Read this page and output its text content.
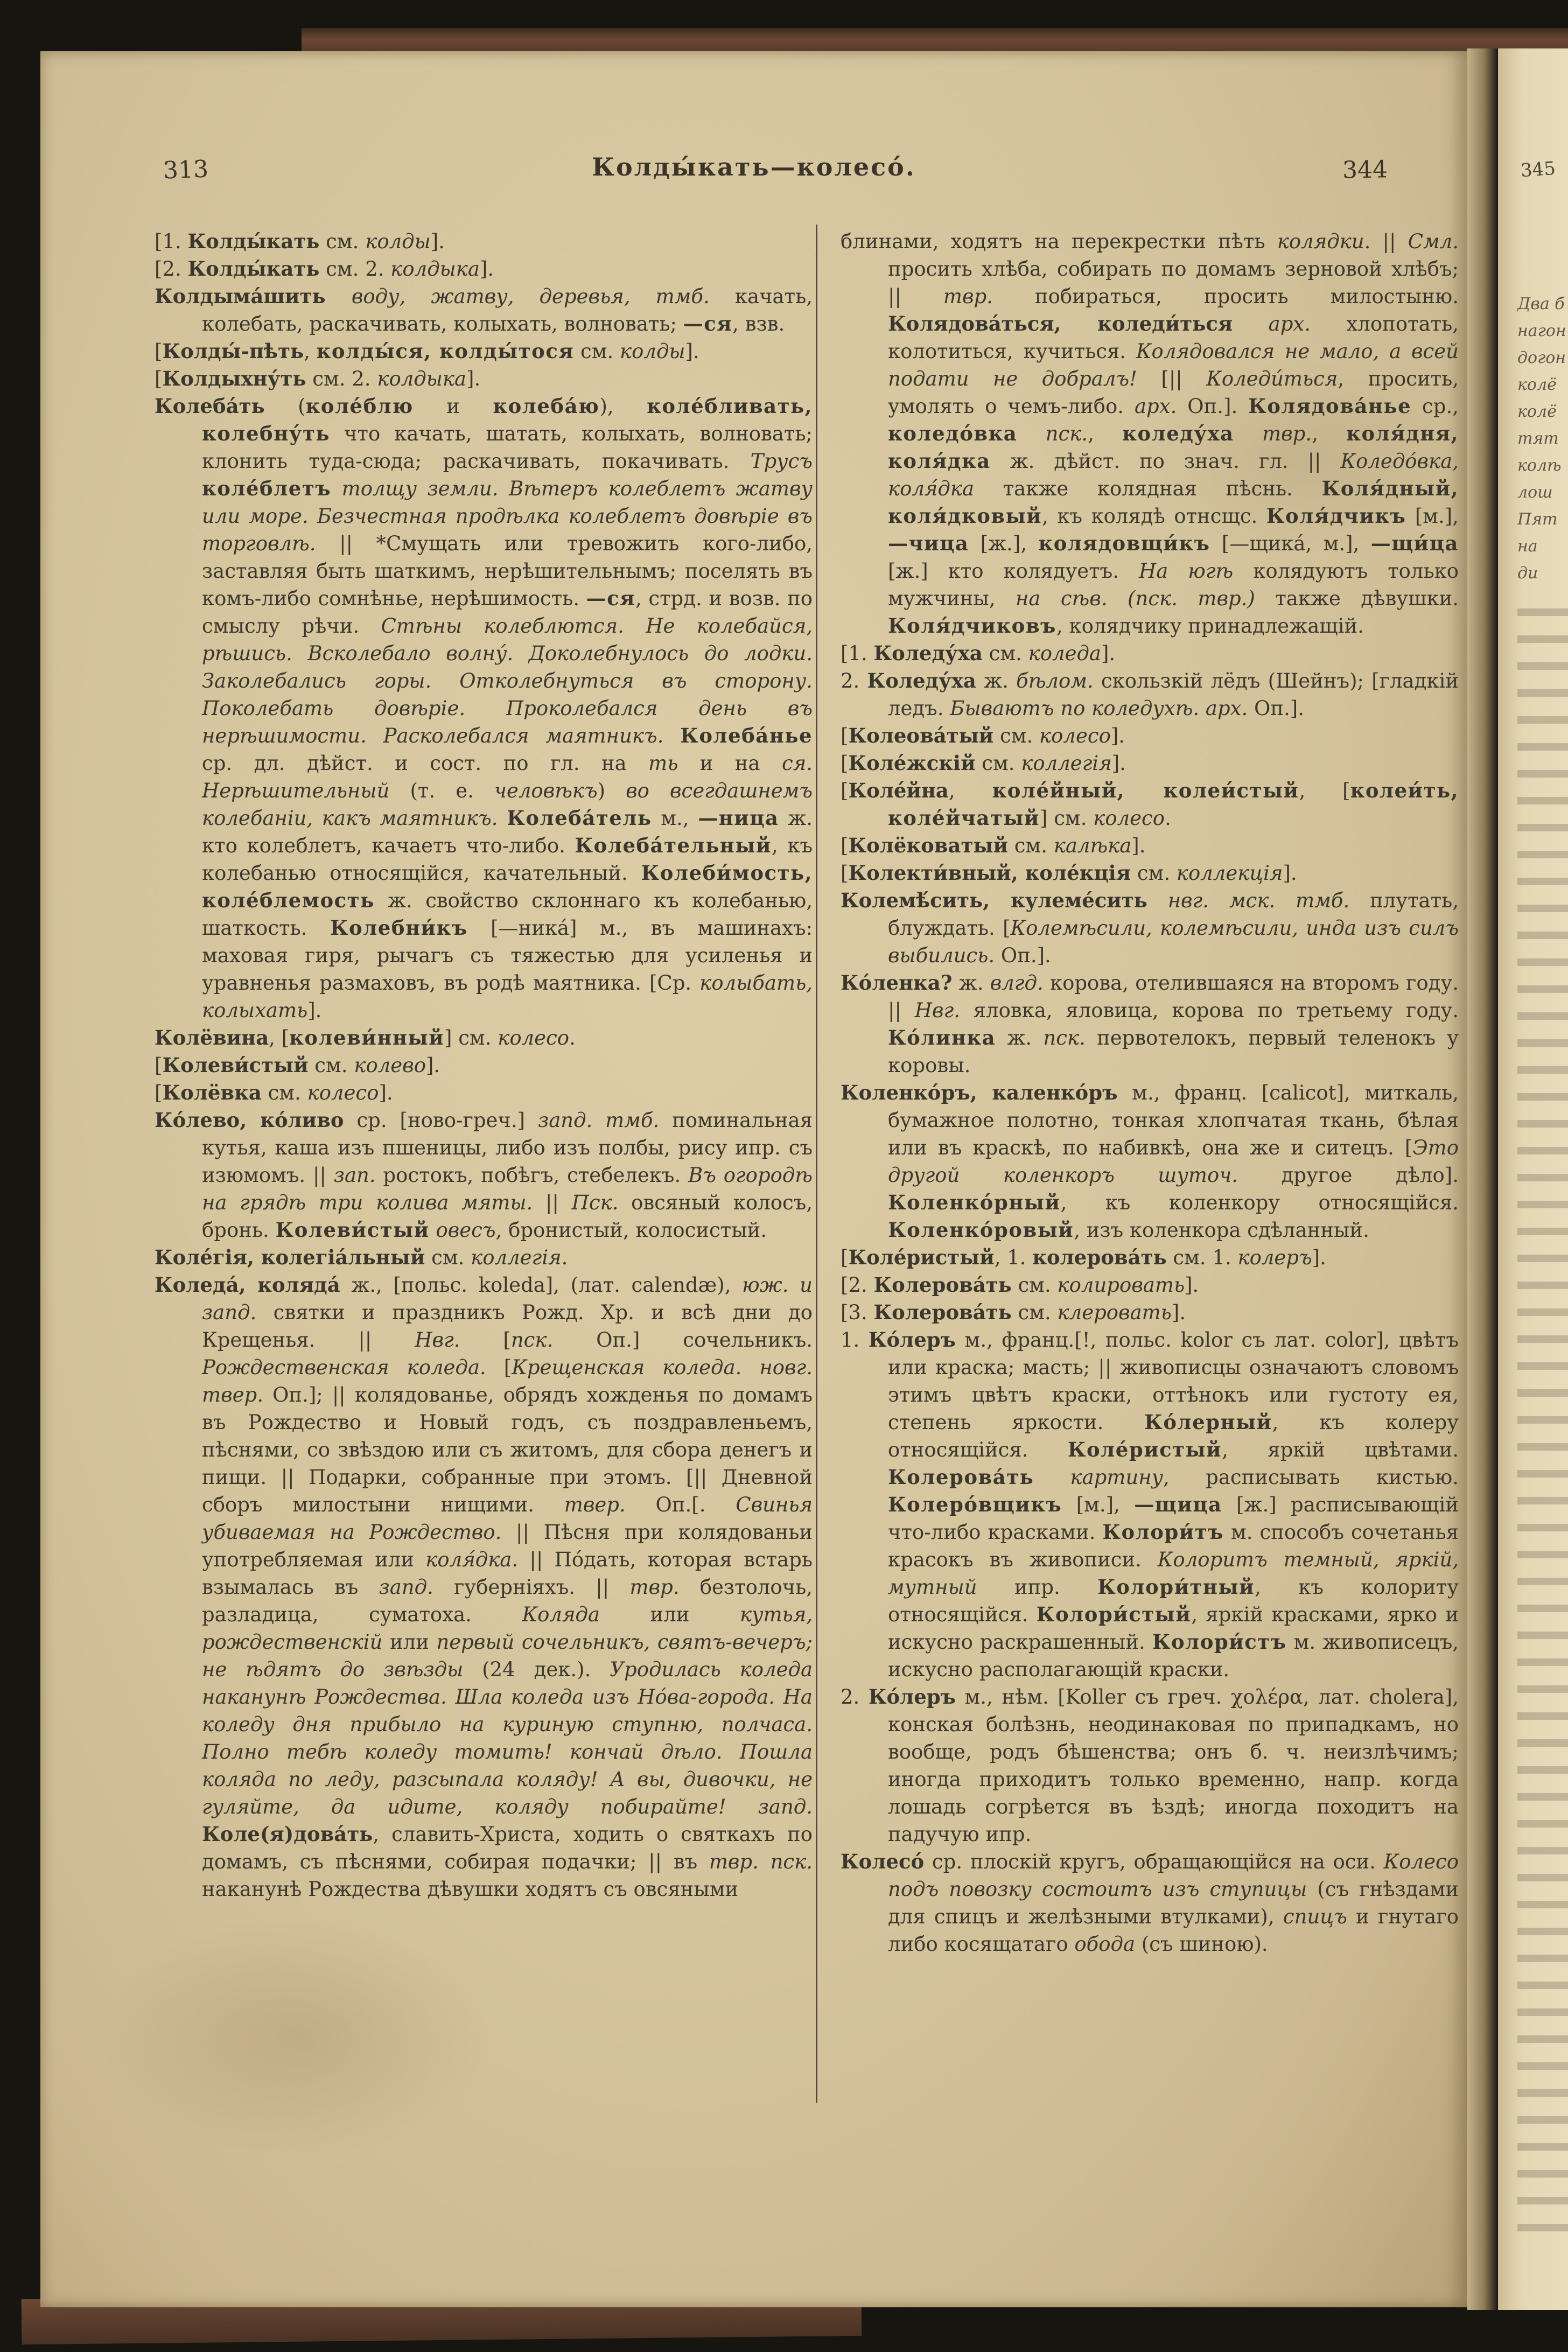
313	Колды́кать—колесо́.	344

[1. Колды́кать см. колды].

[2. Колды́кать см. 2. колдыка].

Колдыма́шить воду, жатву, деревья, тмб. качать, колебать, раскачивать, колыхать, волновать; —ся, взв.

[Колды́-пѣть, колды́ся, колды́тося см. колды].

[Колдыхну́ть см. 2. колдыка].

Колеба́ть (коле́блю и колеба́ю), коле́бливать, колебну́ть что качать, шатать, колыхать, волновать; клонить туда-сюда; раскачивать, покачивать. Трусъ коле́блетъ толщу земли. Вѣтеръ колеблетъ жатву или море. Безчестная продѣлка колеблетъ довѣріе въ торговлѣ. || *Смущать или тревожить кого-либо, заставляя быть шаткимъ, нерѣшительнымъ; поселять въ комъ-либо сомнѣнье, нерѣшимость. —ся, стрд. и возв. по смыслу рѣчи. Стѣны колеблются. Не колебайся, рѣшись. Всколебало волну́. Доколебнулось до лодки. Заколебались горы. Отколебнуться въ сторону. Поколебать довѣріе. Проколебался день въ нерѣшимости. Расколебался маятникъ. Колеба́нье ср. дл. дѣйст. и сост. по гл. на ть и на ся. Нерѣшительный (т. е. человѣкъ) во всегдашнемъ колебаніи, какъ маятникъ. Колеба́тель м., —ница ж. кто колеблетъ, качаетъ что-либо. Колеба́тельный, къ колебанью относящійся, качательный. Колеби́мость, коле́блемость ж. свойство склоннаго къ колебанью, шаткость. Колебни́къ [—ника́] м., въ машинахъ: маховая гиря, рычагъ съ тяжестью для усиленья и уравненья размаховъ, въ родѣ маятника. [Ср. колыбать, колыхать].

Колёвина, [колеви́нный] см. колесо.

[Колеви́стый см. колево].

[Колёвка см. колесо].

Ко́лево, ко́ливо ср. [ново-греч.] запд. тмб. поминальная кутья, каша изъ пшеницы, либо изъ полбы, рису ипр. съ изюмомъ. || зап. ростокъ, побѣгъ, стебелекъ. Въ огородѣ на грядѣ три колива мяты. || Пск. овсяный колосъ, бронь. Колеви́стый овесъ, бронистый, колосистый.

Коле́гія, колегіа́льный см. коллегія.

Коледа́, коляда́ ж., [польс. koleda], (лат. calendæ), юж. и запд. святки и праздникъ Рожд. Хр. и всѣ дни до Крещенья. || Нвг. [пск. Оп.] сочельникъ. Рождественская коледа. [Крещенская коледа. новг. твер. Оп.]; || колядованье, обрядъ хожденья по домамъ въ Рождество и Новый годъ, съ поздравленьемъ, пѣснями, со звѣздою или съ житомъ, для сбора денегъ и пищи. || Подарки, собранные при этомъ. [|| Дневной сборъ милостыни нищими. твер. Оп.[. Свинья убиваемая на Рождество. || Пѣсня при колядованьи употребляемая или коля́дка. || По́дать, которая встарь взымалась въ запд. губерніяхъ. || твр. безтолочь, разладица, суматоха. Коляда или кутья, рождественскій или первый сочельникъ, святъ-вечеръ; не ѣдятъ до звѣзды (24 дек.). Уродилась коледа наканунѣ Рождества. Шла коледа изъ Но́ва-города. На коледу дня прибыло на куриную ступню, полчаса. Полно тебѣ коледу томить! кончай дѣло. Пошла коляда по леду, разсыпала коляду! А вы, дивочки, не гуляйте, да идите, коляду побирайте! запд. Коле(я)дова́ть, славить-Христа, ходить о святкахъ по домамъ, съ пѣснями, собирая подачки; || въ твр. пск. наканунѣ Рождества дѣвушки ходятъ съ овсяными

блинами, ходятъ на перекрестки пѣть колядки. || Смл. просить хлѣба, собирать по домамъ зерновой хлѣбъ; || твр. побираться, просить милостыню. Колядова́ться, коледи́ться арх. хлопотать, колотиться, кучиться. Колядовался не мало, а всей подати не добралъ! [|| Коледи́ться, просить, умолять о чемъ-либо. арх. Оп.]. Колядова́нье ср., коледо́вка пск., коледу́ха твр., коля́дня, коля́дка ж. дѣйст. по знач. гл. || Коледо́вка, коля́дка также колядная пѣснь. Коля́дный, коля́дковый, къ колядѣ отнсщс. Коля́дчикъ [м.], —чица [ж.], колядовщи́къ [—щика́, м.], —щи́ца [ж.] кто колядуетъ. На югѣ колядуютъ только мужчины, на сѣв. (пск. твр.) также дѣвушки. Коля́дчиковъ, колядчику принадлежащій.

[1. Коледу́ха см. коледа].

2. Коледу́ха ж. бѣлом. скользкій лёдъ (Шейнъ); [гладкій ледъ. Бываютъ по коледухѣ. арх. Оп.].

[Колеова́тый см. колесо].

[Коле́жскій см. коллегія].

[Коле́йна, коле́йный, колеи́стый, [колеи́ть, коле́йчатый] см. колесо.

[Колёковатый см. калѣка].

[Колекти́вный, коле́кція см. коллекція].

Колемѣ́сить, кулеме́сить нвг. мск. тмб. плутать, блуждать. [Колемѣсили, колемѣсили, инда изъ силъ выбились. Оп.].

Ко́ленка? ж. влгд. корова, отелившаяся на второмъ году. || Нвг. яловка, яловица, корова по третьему году. Ко́линка ж. пск. первотелокъ, первый теленокъ у коровы.

Коленко́ръ, каленко́ръ м., франц. [calicot], миткаль, бумажное полотно, тонкая хлопчатая ткань, бѣлая или въ краскѣ, по набивкѣ, она же и ситецъ. [Это другой коленкоръ шуточ. другое дѣло]. Коленко́рный, къ коленкору относящійся. Коленко́ровый, изъ коленкора сдѣланный.

[Коле́ристый, 1. колерова́ть см. 1. колеръ].

[2. Колерова́ть см. колировать].

[3. Колерова́ть см. клеровать].

1. Ко́леръ м., франц.[!, польс. kolor съ лат. color], цвѣтъ или краска; масть; || живописцы означаютъ словомъ этимъ цвѣтъ краски, оттѣнокъ или густоту ея, степень яркости. Ко́лерный, къ колеру относящійся. Коле́ристый, яркій цвѣтами. Колерова́ть картину, расписывать кистью. Колеро́вщикъ [м.], —щица [ж.] расписывающій что-либо красками. Колори́тъ м. способъ сочетанья красокъ въ живописи. Колоритъ темный, яркій, мутный ипр. Колори́тный, къ колориту относящійся. Колори́стый, яркій красками, ярко и искусно раскрашенный. Колори́стъ м. живописецъ, искусно располагающій краски.

2. Ко́леръ м., нѣм. [Koller съ греч. χολέρα, лат. cholera], конская болѣзнь, неодинаковая по припадкамъ, но вообще, родъ бѣшенства; онъ б. ч. неизлѣчимъ; иногда приходитъ только временно, напр. когда лошадь согрѣется въ ѣздѣ; иногда походитъ на падучую ипр.

Колесо́ ср. плоскій кругъ, обращающійся на оси. Колесо подъ повозку состоитъ изъ ступицы (съ гнѣздами для спицъ и желѣзными втулками), спицъ и гнутаго либо косящатаго обода (съ шиною).

345
Два б
нагон
догон
колё
колё
тят
колѣ
лош
Пят
на
ди
